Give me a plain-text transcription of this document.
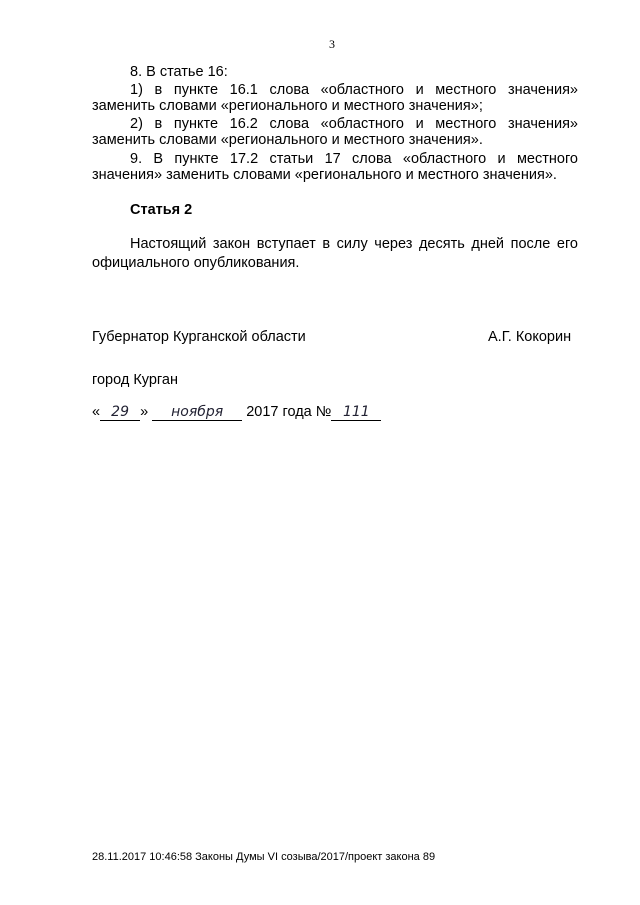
3
8. В статье 16:
1) в пункте 16.1 слова «областного и местного значения»
заменить словами «регионального и местного значения»;
2) в пункте 16.2 слова «областного и местного значения»
заменить словами «регионального и местного значения».
9. В пункте 17.2 статьи 17 слова «областного и местного
значения» заменить словами «регионального и местного значения».
Статья 2
Настоящий закон вступает в силу через десять дней после его
официального опубликования.
Губернатор Курганской области	А.Г. Кокорин
город Курган
« 29 » ноября 2017 года № 111
28.11.2017 10:46:58 Законы Думы VI созыва/2017/проект закона 89
